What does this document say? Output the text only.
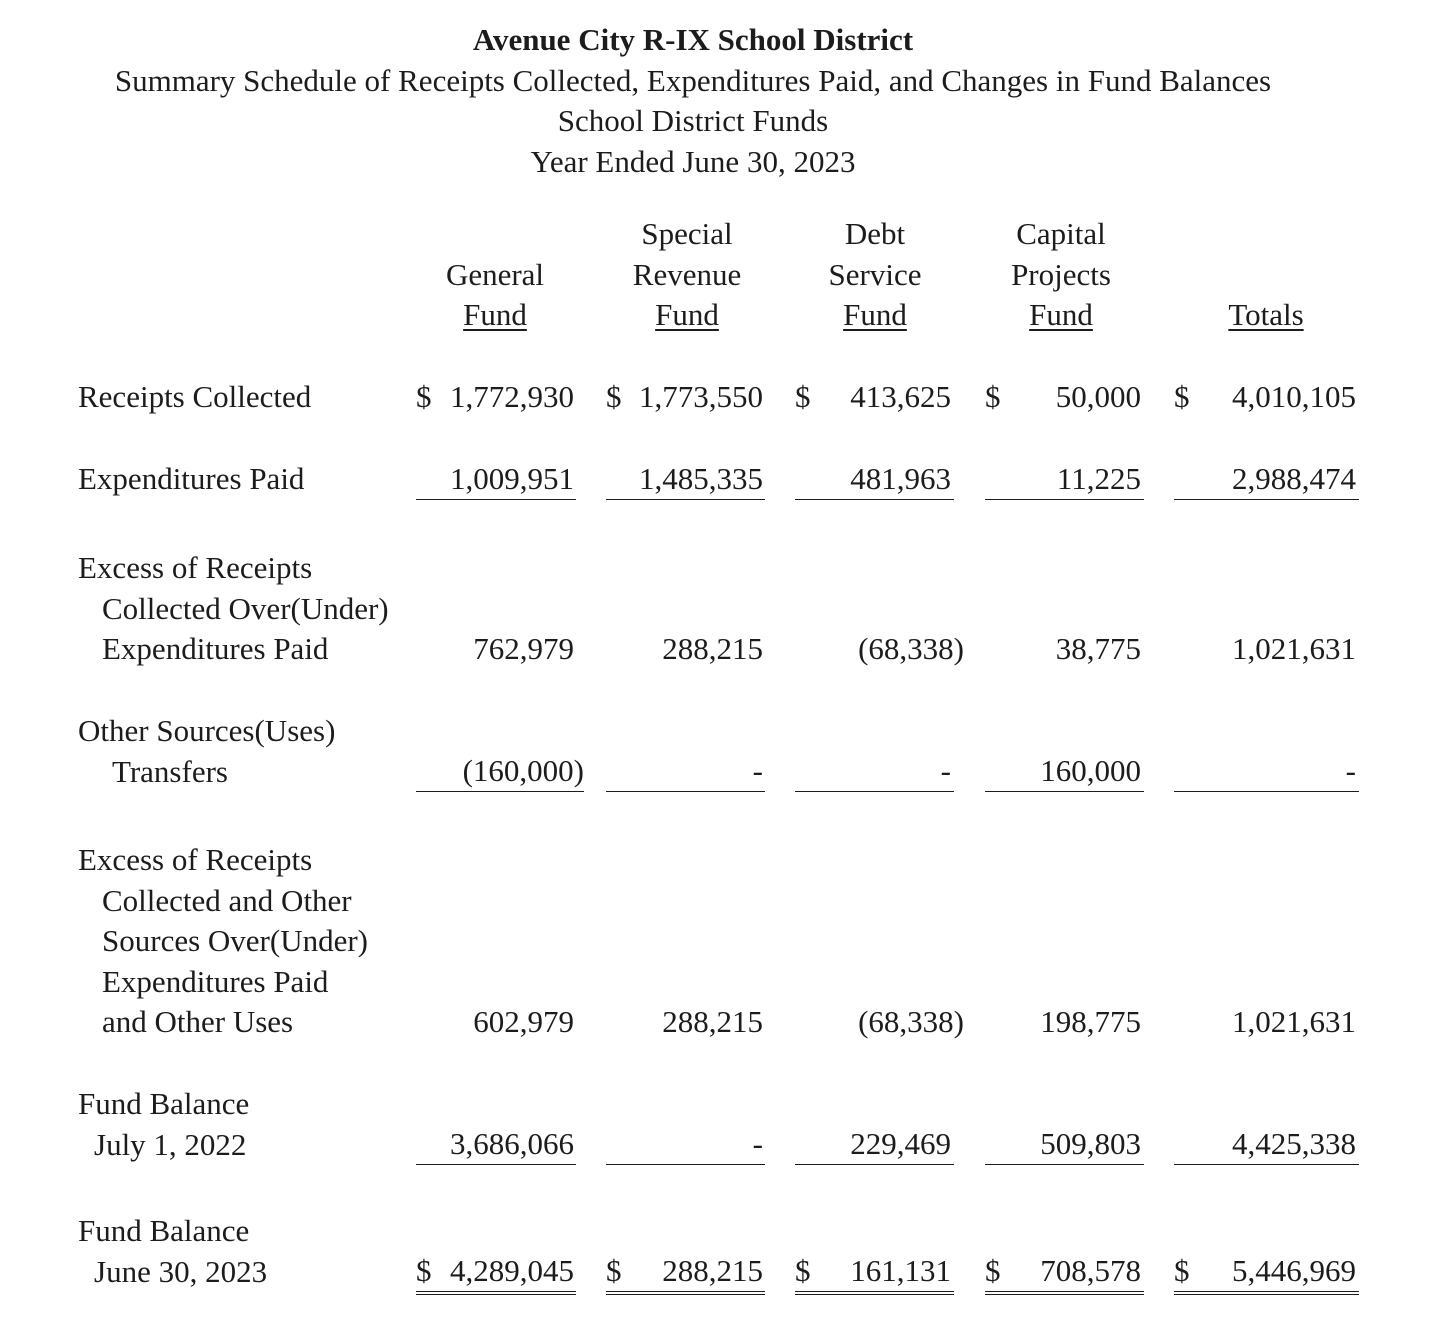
Avenue City R-IX School District
Summary Schedule of Receipts Collected, Expenditures Paid, and Changes in Fund Balances
School District Funds
Year Ended June 30, 2023
General
Fund
Special
Revenue
Fund
Debt
Service
Fund
Capital
Projects
Fund	Totals
Receipts Collected	$ 1,772,930 $ 1,773,550 $ 413,625 $ 50,000 $ 4,010,105
Expenditures Paid	1,009,951 1,485,335	481,963	11,225	2,988,474
Excess of Receipts
Collected Over(Under)
Expenditures Paid	762,979	288,215	(68,338)	38,775	1,021,631
Other Sources(Uses)
Transfers	(160,000)	-	-	160,000	-
Excess of Receipts
Collected and Other
Sources Over(Under)
Expenditures Paid
and Other Uses	602,979	288,215	(68,338) 198,775	1,021,631
Fund Balance
July 1, 2022	3,686,066	-	229,469	509,803	4,425,338
Fund Balance
June 30, 2023	$ 4,289,045 $ 288,215 $ 161,131 $ 708,578 $ 5,446,969
